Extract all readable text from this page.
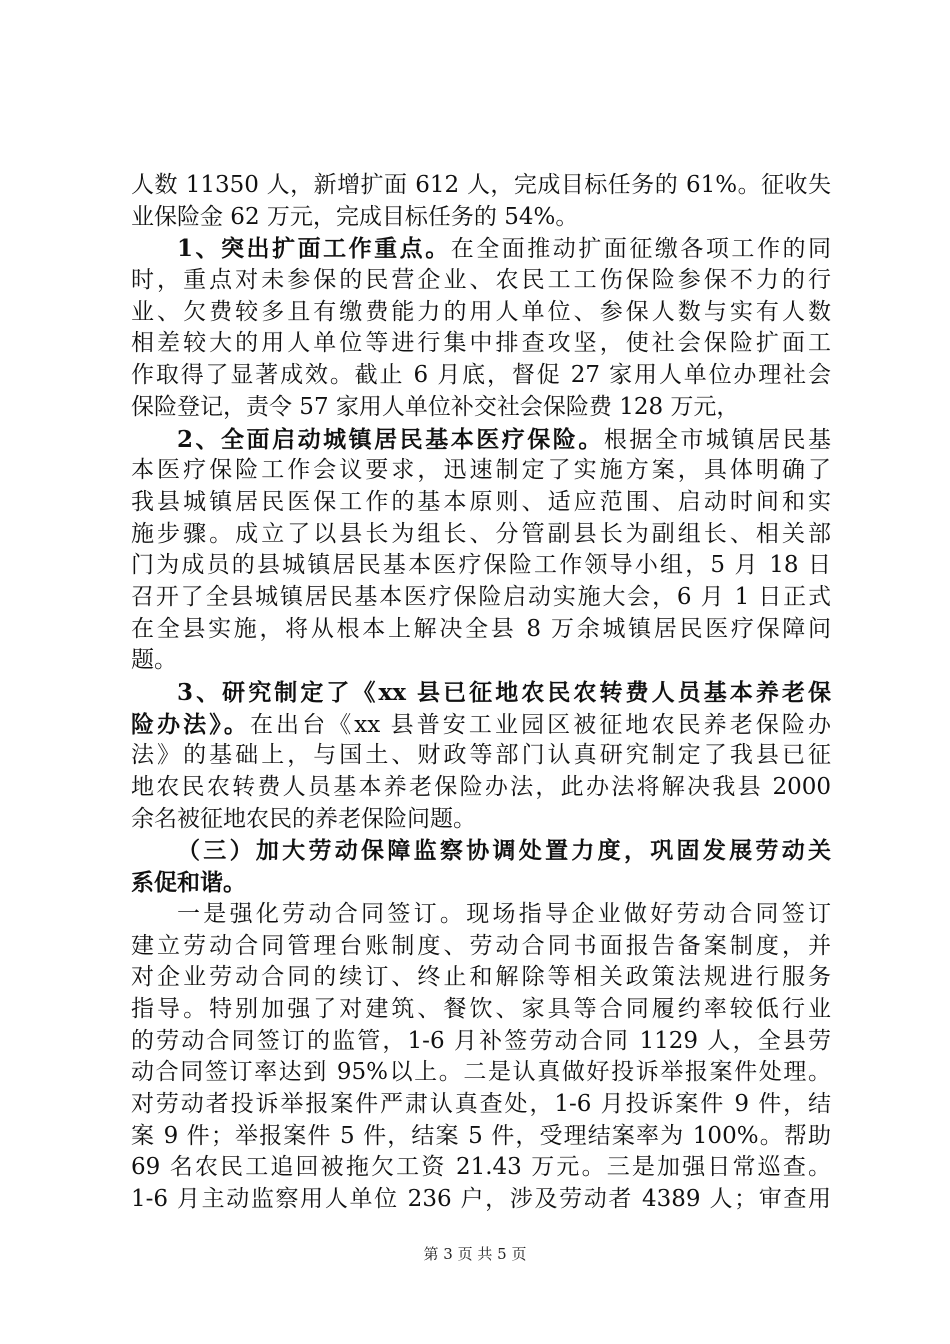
人数 11350 人，新增扩面 612 人，完成目标任务的 61%。征收失
业保险金 62 万元，完成目标任务的 54%。
1、突出扩面工作重点。在全面推动扩面征缴各项工作的同
时，重点对未参保的民营企业、农民工工伤保险参保不力的行
业、欠费较多且有缴费能力的用人单位、参保人数与实有人数
相差较大的用人单位等进行集中排查攻坚，使社会保险扩面工
作取得了显著成效。截止 6 月底，督促 27 家用人单位办理社会
保险登记，责令 57 家用人单位补交社会保险费 128 万元，
2、全面启动城镇居民基本医疗保险。根据全市城镇居民基
本医疗保险工作会议要求，迅速制定了实施方案，具体明确了
我县城镇居民医保工作的基本原则、适应范围、启动时间和实
施步骤。成立了以县长为组长、分管副县长为副组长、相关部
门为成员的县城镇居民基本医疗保险工作领导小组，5 月 18 日
召开了全县城镇居民基本医疗保险启动实施大会，6 月 1 日正式
在全县实施，将从根本上解决全县 8 万余城镇居民医疗保障问
题。
3、研究制定了《xx 县已征地农民农转费人员基本养老保
险办法》。在出台《xx 县普安工业园区被征地农民养老保险办
法》的基础上，与国土、财政等部门认真研究制定了我县已征
地农民农转费人员基本养老保险办法，此办法将解决我县 2000
余名被征地农民的养老保险问题。
（三）加大劳动保障监察协调处置力度，巩固发展劳动关
系促和谐。
一是强化劳动合同签订。现场指导企业做好劳动合同签订
建立劳动合同管理台账制度、劳动合同书面报告备案制度，并
对企业劳动合同的续订、终止和解除等相关政策法规进行服务
指导。特别加强了对建筑、餐饮、家具等合同履约率较低行业
的劳动合同签订的监管，1-6 月补签劳动合同 1129 人，全县劳
动合同签订率达到 95%以上。二是认真做好投诉举报案件处理。
对劳动者投诉举报案件严肃认真查处，1-6 月投诉案件 9 件，结
案 9 件；举报案件 5 件，结案 5 件，受理结案率为 100%。帮助
69 名农民工追回被拖欠工资 21.43 万元。三是加强日常巡查。
1-6 月主动监察用人单位 236 户，涉及劳动者 4389 人；审查用
第 3 页 共 5 页
